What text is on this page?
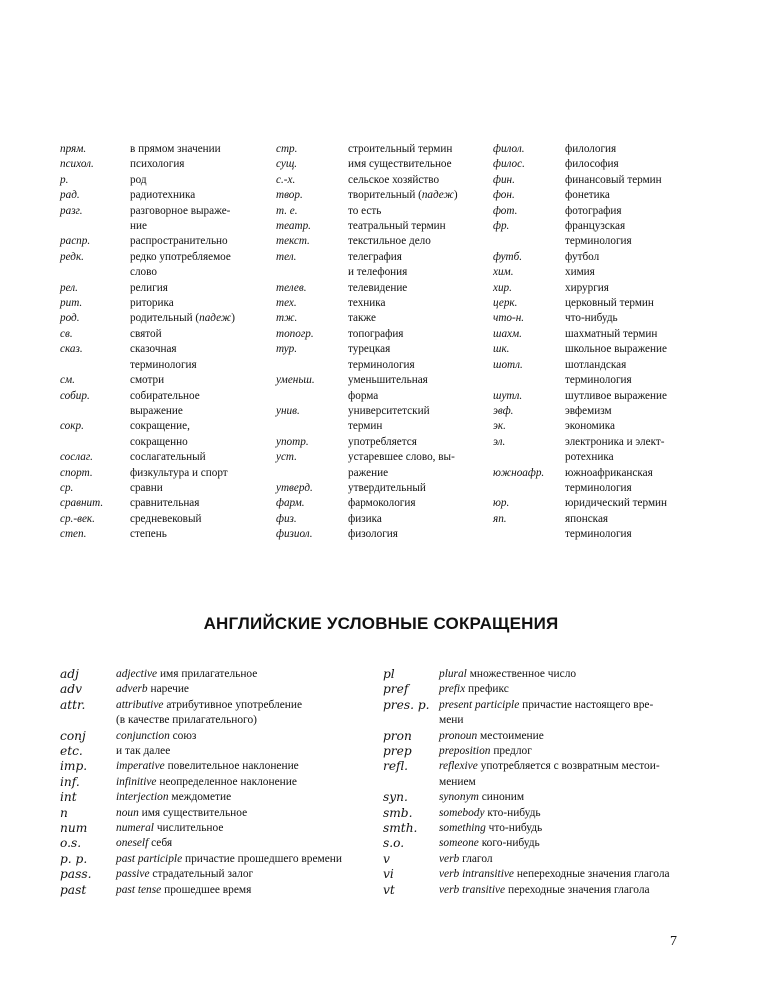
прям.	в прямом значении
психол.	психология
р.	род
рад.	радиотехника
разг.	разговорное выраже-
ние
распр.	распространительно
редк.	редко употребляемое
слово
рел.	религия
рит.	риторика
род.	родительный (падеж)
св.	святой
сказ.	сказочная
терминология
см.	смотри
собир.	собирательное
выражение
сокр.	сокращение,
сокращенно
сослаг.	сослагательный
спорт.	физкультура и спорт
ср.	сравни
сравнит.	сравнительная
ср.-век.	средневековый
степ.	степень
стр.	строительный термин
сущ.	имя существительное
с.-х.	сельское хозяйство
твор.	творительный (падеж)
т. е.	то есть
театр.	театральный термин
текст.	текстильное дело
тел.	телеграфия
и телефония
телев.	телевидение
тех.	техника
тж.	также
топогр.	топография
тур.	турецкая
терминология
уменьш.	уменьшительная
форма
унив.	университетский
термин
употр.	употребляется
уст.	устаревшее слово, вы-
ражение
утверд.	утвердительный
фарм.	фармокология
физ.	физика
физиол.	физология
филол.	филология
филос.	философия
фин.	финансовый термин
фон.	фонетика
фот.	фотография
фр.	французская
терминология
футб.	футбол
хим.	химия
хир.	хирургия
церк.	церковный термин
что-н.	что-нибудь
шахм.	шахматный термин
шк.	школьное выражение
шотл.	шотландская
терминология
шутл.	шутливое выражение
эвф.	эвфемизм
эк.	экономика
эл.	электроника и элект-
ротехника
южноафр.	южноафриканская
терминология
юр.	юридический термин
яп.	японская
терминология
АНГЛИЙСКИЕ УСЛОВНЫЕ СОКРАЩЕНИЯ
adj	adjective имя прилагательное
adv	adverb наречие
attr.	attributive атрибутивное употребление
(в качестве прилагательного)
conj	conjunction союз
etc.	и так далее
imp.	imperative повелительное наклонение
inf.	infinitive неопределенное наклонение
int	interjection междометие
n	noun имя существительное
num	numeral числительное
o.s.	oneself себя
p. p.	past participle причастие прошедшего времени
pass.	passive страдательный залог
past	past tense прошедшее время
pl	plural множественное число
pref	prefix префикс
pres. p. present participle причастие настоящего вре-
мени
pron	pronoun местоимение
prep	preposition предлог
refl.	reflexive употребляется с возвратным местои-
мением
syn.	synonym синоним
smb.	somebody кто-нибудь
smth.	something что-нибудь
s.o.	someone кого-нибудь
v	verb глагол
vi	verb intransitive непереходные значения глагола
vt	verb transitive переходные значения глагола
7
